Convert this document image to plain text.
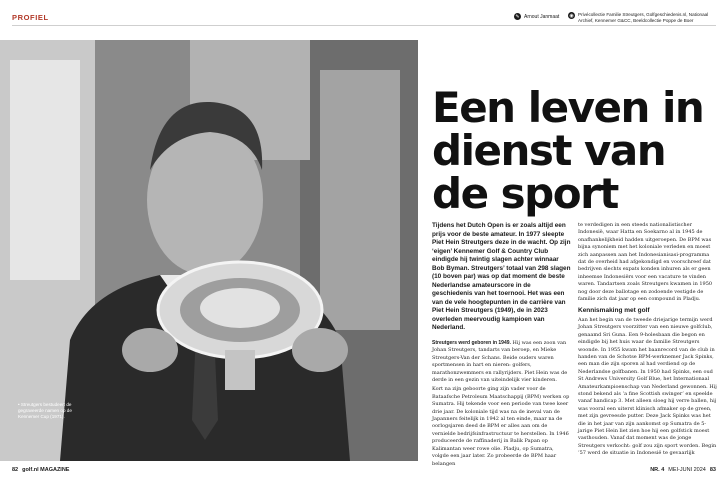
PROFIEL	✎ Arnout Janmaat ◉ Privécollectie Familie Streutgers, Golfgeschiedenis.nl, Nationaal Archief, Kennemer G&CC, Beeldcollectie Poppe de Boer
• Streutgers bestudeert de gegraveerde namen op de Kennemer Cup (1971).
Een leven in dienst van de sport

Tijdens het Dutch Open is er zoals altijd een prijs voor de beste amateur. In 1977 sleepte Piet Hein Streutgers deze in de wacht. Op zijn ‘eigen’ Kennemer Golf & Country Club eindigde hij twintig slagen achter winnaar Bob Byman. Streutgers’ totaal van 298 slagen (10 boven par) was op dat moment de beste Nederlandse amateurscore in de geschiedenis van het toernooi. Het was een van de vele hoogtepunten in de carrière van Piet Hein Streutgers (1949), de in 2023 overleden meervoudig kampioen van Nederland.

Streutgers werd geboren in 1949. Hij was een zoon van Johan Streutgers, tandarts van beroep, en Mieke Streutgers-Van der Schans. Beide ouders waren sportmensen in hart en nieren: golfers, marathonzwemmers en rallyrijders. Piet Hein was de derde in een gezin van uiteindelijk vier kinderen.

Kort na zijn geboorte ging zijn vader voor de Bataafsche Petroleum Maatschappij (BPM) werken op Sumatra. Hij tekende voor een periode van twee keer drie jaar. De koloniale tijd was na de ineval van de Japanners feitelijk in 1942 al ten einde, maar na de oorlogsjaren deed de BPM er alles aan om de vernielde bedrijfsinfrastructuur te herstellen. In 1946 produceerde de raffinaderij in Balik Papan op Kalimantan weer rowe olie. Pladju, op Sumatra, volgde een jaar later. Zo probeerde de BPM haar belangen

te verdedigen in een steeds nationalistischer Indonesië, waar Hatta en Soekarno al in 1945 de onafhankelijkheid hadden uitgeroepen. De BPM was bijna synoniem met het koloniale verleden en moest zich aanpassen aan het Indonesianisasi-programma dat de overheid had afgekondigd en voorschreef dat bedrijven slechts expats konden inhuren als er geen inheemse Indonesiërs voor een vacature te vinden waren. Tandartsen zoals Streutgers kwamen in 1950 nog door deze ballotage en zodoende vestigde de familie zich dat jaar op een compound in Pladju.

Kennismaking met golf

Aan het begin van de tweede driejarige termijn werd Johan Streutgers voorzitter van een nieuwe golfclub, genaamd Sri Guna. Een 9-holesbaan die begon en eindigde bij het huis waar de familie Streutgers woonde. In 1955 kwam het baanrecord van de club in handen van de Schotse BPM-werknemer Jack Spinks, een man die zijn sporen al had verdiend op de Nederlandse golfbanen. In 1950 had Spinks, een oud St Andrews University Golf Blue, het Internationaal Amateurkampioenschap van Nederland gewonnen. Hij stond bekend als ‘a fine Scottish swinger’ en speelde vanaf handicap 3. Met alleen sloeg hij verre ballen, hij was vooral een uiterst klinisch afmaker op de green, met zijn gevreesde putter. Deze Jack Spinks was het die in het jaar van zijn aankomst op Sumatra de 5-jarige Piet Hein liet zien hoe hij een golfstick moest vasthouden. Vanaf dat moment was de jonge Streutgers verkocht: golf zou zijn sport worden. Begin ’57 werd de situatie in Indonesië te gevaarlijk

82 golf.nl MAGAZINE	NR. 4 MEI-JUNI 2024 83
